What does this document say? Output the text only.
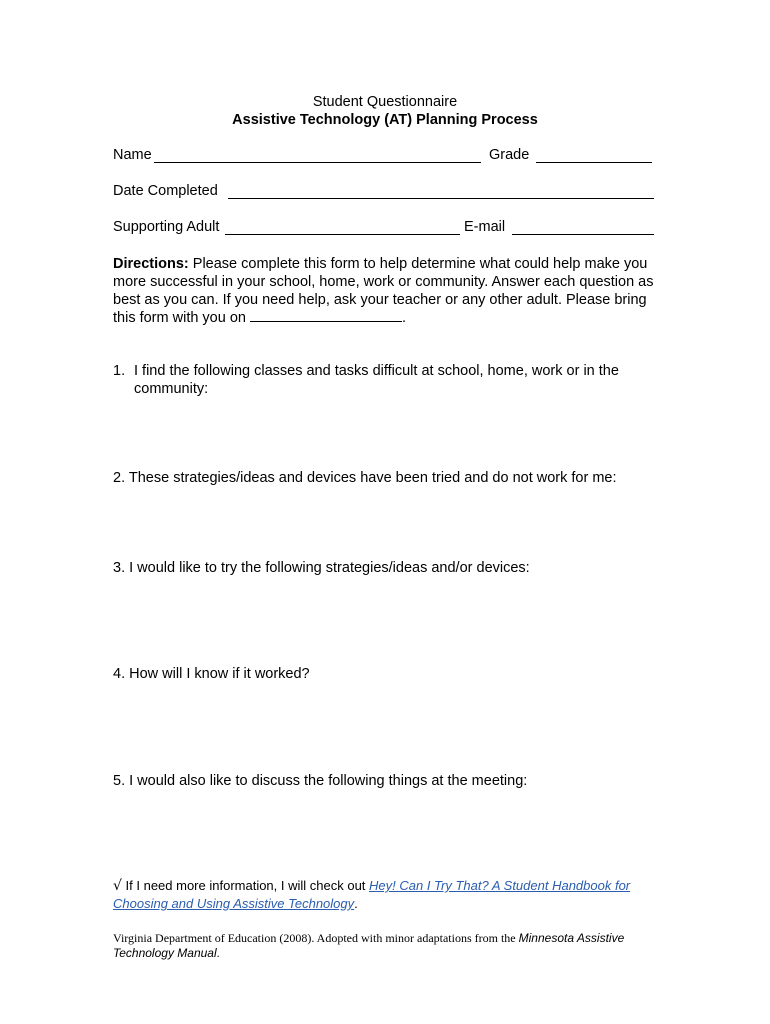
Student Questionnaire
Assistive Technology (AT) Planning Process
Name	Grade
Date Completed
Supporting Adult	E-mail
Directions: Please complete this form to help determine what could help make you more successful in your school, home, work or community. Answer each question as best as you can. If you need help, ask your teacher or any other adult. Please bring this form with you on	.
1. I find the following classes and tasks difficult at school, home, work or in the community:
2. These strategies/ideas and devices have been tried and do not work for me:
3. I would like to try the following strategies/ideas and/or devices:
4. How will I know if it worked?
5. I would also like to discuss the following things at the meeting:
√ If I need more information, I will check out Hey! Can I Try That? A Student Handbook for Choosing and Using Assistive Technology.
Virginia Department of Education (2008). Adopted with minor adaptations from the Minnesota Assistive Technology Manual.
